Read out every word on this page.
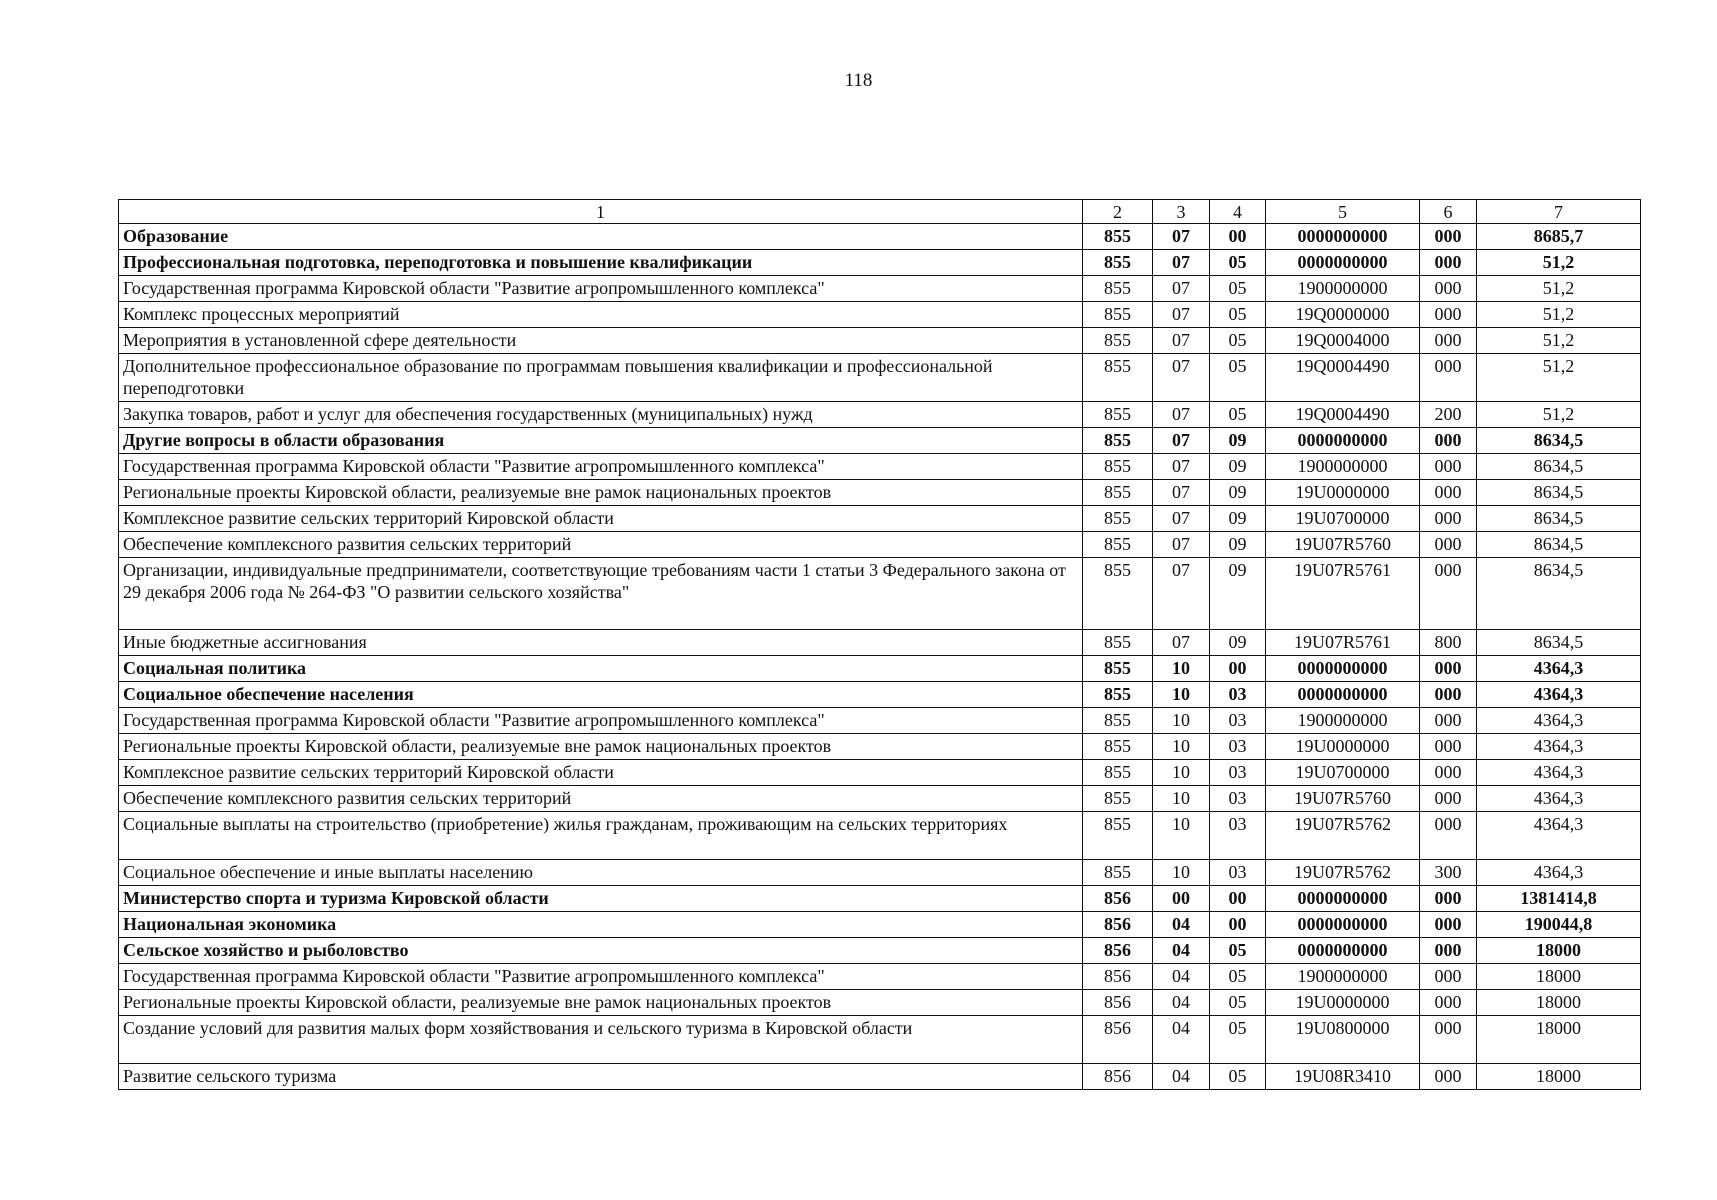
118
1	2	3	4	5	6	7
Образование	855	07	00	0000000000	000	8685,7
Профессиональная подготовка, переподготовка и повышение квалификации	855	07	05	0000000000	000	51,2
Государственная программа Кировской области "Развитие агропромышленного комплекса"	855	07	05	1900000000	000	51,2
Комплекс процессных мероприятий	855	07	05	19Q0000000	000	51,2
Мероприятия в установленной сфере деятельности	855	07	05	19Q0004000	000	51,2
Дополнительное профессиональное образование по программам повышения квалификации и профессиональной переподготовки	855	07	05	19Q0004490	000	51,2
Закупка товаров, работ и услуг для обеспечения государственных (муниципальных) нужд	855	07	05	19Q0004490	200	51,2
Другие вопросы в области образования	855	07	09	0000000000	000	8634,5
Государственная программа Кировской области "Развитие агропромышленного комплекса"	855	07	09	1900000000	000	8634,5
Региональные проекты Кировской области, реализуемые вне рамок национальных проектов	855	07	09	19U0000000	000	8634,5
Комплексное развитие сельских территорий Кировской области	855	07	09	19U0700000	000	8634,5
Обеспечение комплексного развития сельских территорий	855	07	09	19U07R5760	000	8634,5
Организации, индивидуальные предприниматели, соответствующие требованиям части 1 статьи 3 Федерального закона от 29 декабря 2006 года № 264-ФЗ "О развитии сельского хозяйства"	855	07	09	19U07R5761	000	8634,5
Иные бюджетные ассигнования	855	07	09	19U07R5761	800	8634,5
Социальная политика	855	10	00	0000000000	000	4364,3
Социальное обеспечение населения	855	10	03	0000000000	000	4364,3
Государственная программа Кировской области "Развитие агропромышленного комплекса"	855	10	03	1900000000	000	4364,3
Региональные проекты Кировской области, реализуемые вне рамок национальных проектов	855	10	03	19U0000000	000	4364,3
Комплексное развитие сельских территорий Кировской области	855	10	03	19U0700000	000	4364,3
Обеспечение комплексного развития сельских территорий	855	10	03	19U07R5760	000	4364,3
Социальные выплаты на строительство (приобретение) жилья гражданам, проживающим на сельских территориях	855	10	03	19U07R5762	000	4364,3
Социальное обеспечение и иные выплаты населению	855	10	03	19U07R5762	300	4364,3
Министерство спорта и туризма Кировской области	856	00	00	0000000000	000	1381414,8
Национальная экономика	856	04	00	0000000000	000	190044,8
Сельское хозяйство и рыболовство	856	04	05	0000000000	000	18000
Государственная программа Кировской области "Развитие агропромышленного комплекса"	856	04	05	1900000000	000	18000
Региональные проекты Кировской области, реализуемые вне рамок национальных проектов	856	04	05	19U0000000	000	18000
Создание условий для развития малых форм хозяйствования и сельского туризма в Кировской области	856	04	05	19U0800000	000	18000
Развитие сельского туризма	856	04	05	19U08R3410	000	18000
